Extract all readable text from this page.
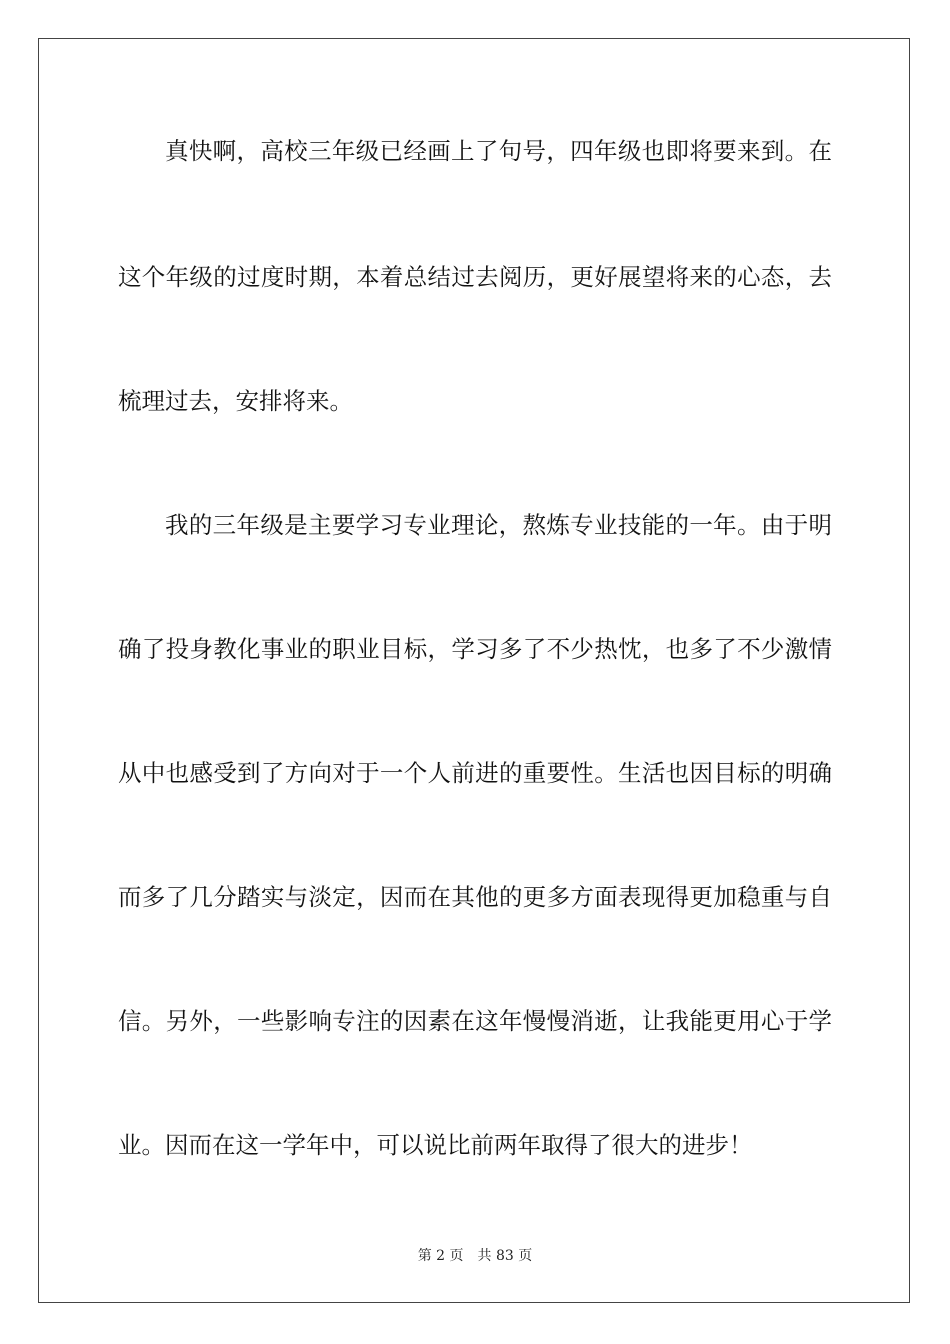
真快啊，高校三年级已经画上了句号，四年级也即将要来到。在
这个年级的过度时期，本着总结过去阅历，更好展望将来的心态，去
梳理过去，安排将来。
我的三年级是主要学习专业理论，熬炼专业技能的一年。由于明
确了投身教化事业的职业目标，学习多了不少热忱，也多了不少激情
从中也感受到了方向对于一个人前进的重要性。生活也因目标的明确
而多了几分踏实与淡定，因而在其他的更多方面表现得更加稳重与自
信。另外，一些影响专注的因素在这年慢慢消逝，让我能更用心于学
业。因而在这一学年中，可以说比前两年取得了很大的进步！
第 2 页 共 83 页
